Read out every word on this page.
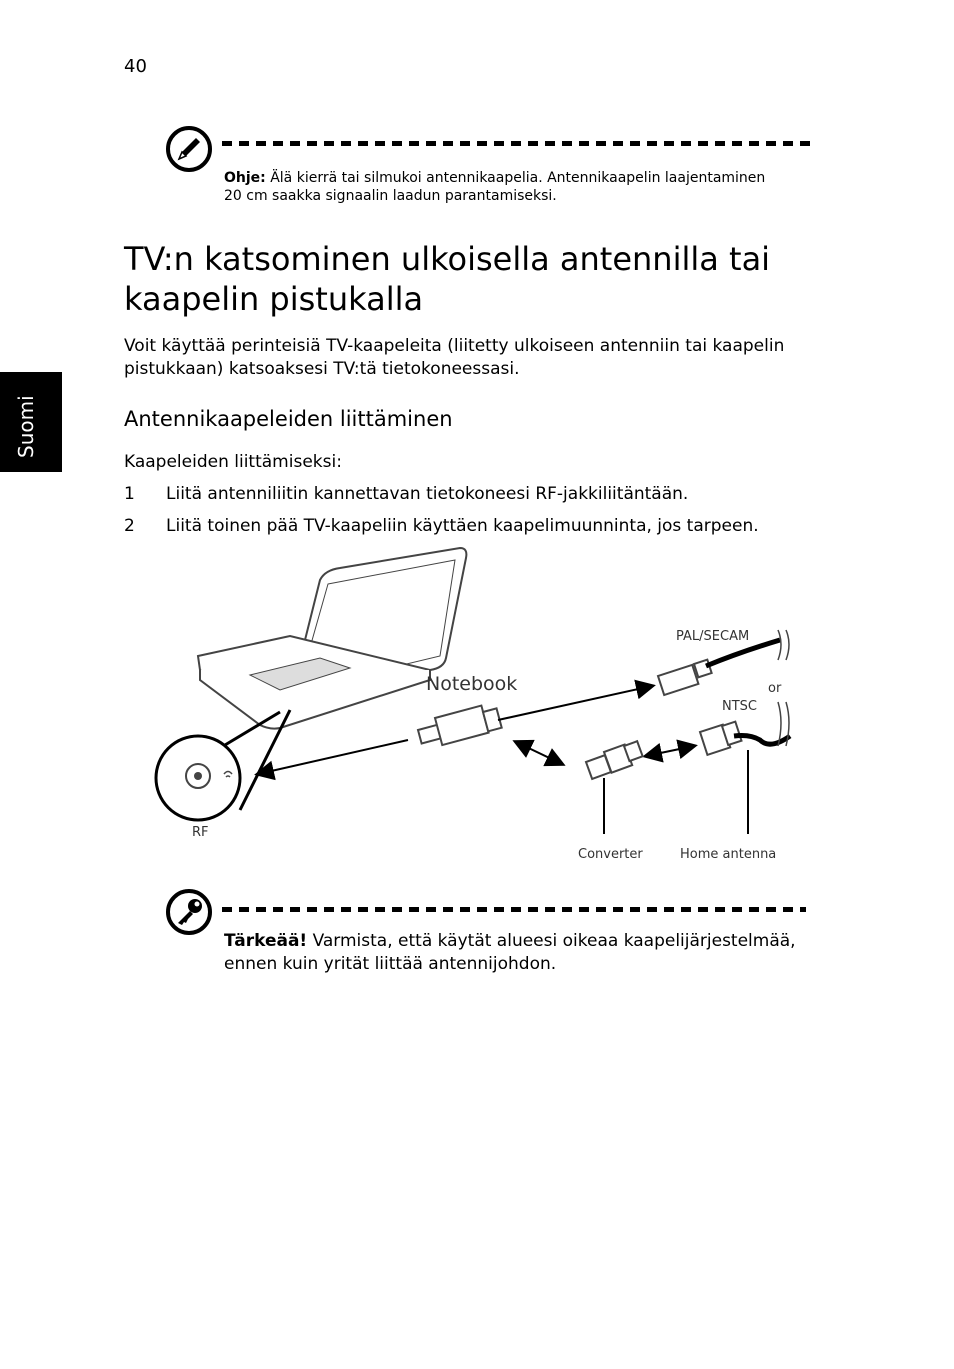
40
Suomi
Ohje: Älä kierrä tai silmukoi antennikaapelia. Antennikaapelin laajentaminen 20 cm saakka signaalin laadun parantamiseksi.
TV:n katsominen ulkoisella antennilla tai kaapelin pistukalla
Voit käyttää perinteisiä TV-kaapeleita (liitetty ulkoiseen antenniin tai kaapelin pistukkaan) katsoaksesi TV:tä tietokoneessasi.
Antennikaapeleiden liittäminen
Kaapeleiden liittämiseksi:
1	Liitä antenniliitin kannettavan tietokoneesi RF-jakkiliitäntään.
2	Liitä toinen pää TV-kaapeliin käyttäen kaapelimuunninta, jos tarpeen.
RF
Notebook
PAL/SECAM
or
NTSC
Converter	Home antenna
Tärkeää! Varmista, että käytät alueesi oikeaa kaapelijärjestelmää, ennen kuin yrität liittää antennijohdon.
